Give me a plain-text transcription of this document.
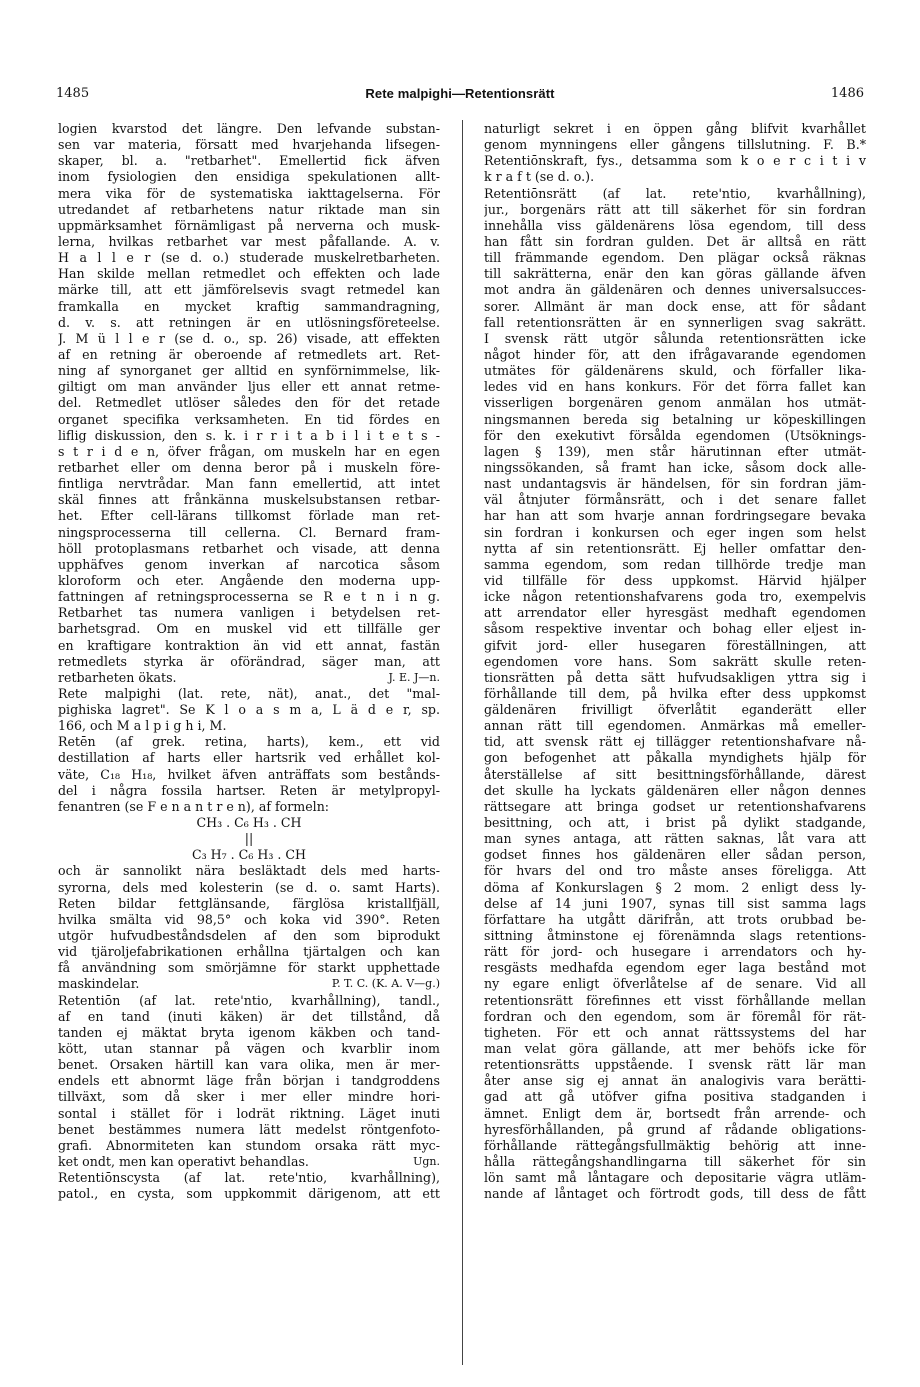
1485	Rete malpighi—Retentionsrätt	1486
logien kvarstod det längre. Den lefvande substan-
sen var materia, försatt med hvarjehanda lifsegen-
skaper, bl. a. "retbarhet". Emellertid fick äfven
inom fysiologien den ensidiga spekulationen allt-
mera vika för de systematiska iakttagelserna. För
utredandet af retbarhetens natur riktade man sin
uppmärksamhet förnämligast på nerverna och musk-
lerna, hvilkas retbarhet var mest påfallande. A. v.
H a l l e r (se d. o.) studerade muskelretbarheten.
Han skilde mellan retmedlet och effekten och lade
märke till, att ett jämförelsevis svagt retmedel kan
framkalla en mycket kraftig sammandragning,
d. v. s. att retningen är en utlösningsföreteelse.
J. M ü l l e r (se d. o., sp. 26) visade, att effekten
af en retning är oberoende af retmedlets art. Ret-
ning af synorganet ger alltid en synförnimmelse, lik-
giltigt om man använder ljus eller ett annat retme-
del. Retmedlet utlöser således den för det retade
organet specifika verksamheten. En tid fördes en
liflig diskussion, den s. k. i r r i t a b i l i t e t s -
s t r i d e n, öfver frågan, om muskeln har en egen
retbarhet eller om denna beror på i muskeln före-
fintliga nervtrådar. Man fann emellertid, att intet
skäl finnes att frånkänna muskelsubstansen retbar-
het. Efter cell-lärans tillkomst förlade man ret-
ningsprocesserna till cellerna. Cl. Bernard fram-
höll protoplasmans retbarhet och visade, att denna
upphäfves genom inverkan af narcotica såsom
kloroform och eter. Angående den moderna upp-
fattningen af retningsprocesserna se R e t n i n g.
Retbarhet tas numera vanligen i betydelsen ret-
barhetsgrad. Om en muskel vid ett tillfälle ger
en kraftigare kontraktion än vid ett annat, fastän
retmedlets styrka är oförändrad, säger man, att
retbarheten ökats.	J. E. J—n.
Rete malpighi (lat. rete, nät), anat., det "mal-
pighiska lagret". Se K l o a s m a, L ä d e r, sp.
166, och M a l p i g h i, M.
Retēn (af grek. retina, harts), kem., ett vid
destillation af harts eller hartsrik ved erhållet kol-
väte, C₁₈ H₁₈, hvilket äfven anträffats som bestånds-
del i några fossila hartser. Reten är metylpropyl-
fenantren (se F e n a n t r e n), af formeln:
CH₃ . C₆ H₃ . CH
||
C₃ H₇ . C₆ H₃ . CH
och är sannolikt nära besläktadt dels med harts-
syrorna, dels med kolesterin (se d. o. samt Harts).
Reten bildar fettglänsande, färglösa kristallfjäll,
hvilka smälta vid 98,5° och koka vid 390°. Reten
utgör hufvudbeståndsdelen af den som biprodukt
vid tjäroljefabrikationen erhållna tjärtalgen och kan
få användning som smörjämne för starkt upphettade
maskindelar.	P. T. C. (K. A. V—g.)
Retentiōn (af lat. rete'ntio, kvarhållning), tandl.,
af en tand (inuti käken) är det tillstånd, då
tanden ej mäktat bryta igenom käkben och tand-
kött, utan stannar på vägen och kvarblir inom
benet. Orsaken härtill kan vara olika, men är mer-
endels ett abnormt läge från början i tandgroddens
tillväxt, som då sker i mer eller mindre hori-
sontal i stället för i lodrät riktning. Läget inuti
benet bestämmes numera lätt medelst röntgenfoto-
grafi. Abnormiteten kan stundom orsaka rätt myc-
ket ondt, men kan operativt behandlas.	Ugn.
Retentiōnscysta (af lat. rete'ntio, kvarhållning),
patol., en cysta, som uppkommit därigenom, att ett
naturligt sekret i en öppen gång blifvit kvarhållet
genom mynningens eller gångens tillslutning. F. B.*
Retentiōnskraft, fys., detsamma som k o e r c i t i v
k r a f t (se d. o.).
Retentiōnsrätt (af lat. rete'ntio, kvarhållning),
jur., borgenärs rätt att till säkerhet för sin fordran
innehålla viss gäldenärens lösa egendom, till dess
han fått sin fordran gulden. Det är alltså en rätt
till främmande egendom. Den plägar också räknas
till sakrätterna, enär den kan göras gällande äfven
mot andra än gäldenären och dennes universalsucces-
sorer. Allmänt är man dock ense, att för sådant
fall retentionsrätten är en synnerligen svag sakrätt.
I svensk rätt utgör sålunda retentionsrätten icke
något hinder för, att den ifrågavarande egendomen
utmätes för gäldenärens skuld, och förfaller lika-
ledes vid en hans konkurs. För det förra fallet kan
visserligen borgenären genom anmälan hos utmät-
ningsmannen bereda sig betalning ur köpeskillingen
för den exekutivt försålda egendomen (Utsöknings-
lagen § 139), men står härutinnan efter utmät-
ningssökanden, så framt han icke, såsom dock alle-
nast undantagsvis är händelsen, för sin fordran jäm-
väl åtnjuter förmånsrätt, och i det senare fallet
har han att som hvarje annan fordringsegare bevaka
sin fordran i konkursen och eger ingen som helst
nytta af sin retentionsrätt. Ej heller omfattar den-
samma egendom, som redan tillhörde tredje man
vid tillfälle för dess uppkomst. Härvid hjälper
icke någon retentionshafvarens goda tro, exempelvis
att arrendator eller hyresgäst medhaft egendomen
såsom respektive inventar och bohag eller eljest in-
gifvit jord- eller husegaren föreställningen, att
egendomen vore hans. Som sakrätt skulle reten-
tionsrätten på detta sätt hufvudsakligen yttra sig i
förhållande till dem, på hvilka efter dess uppkomst
gäldenären frivilligt öfverlåtit eganderätt eller
annan rätt till egendomen. Anmärkas må emeller-
tid, att svensk rätt ej tillägger retentionshafvare nå-
gon befogenhet att påkalla myndighets hjälp för
återställelse af sitt besittningsförhållande, därest
det skulle ha lyckats gäldenären eller någon dennes
rättsegare att bringa godset ur retentionshafvarens
besittning, och att, i brist på dylikt stadgande,
man synes antaga, att rätten saknas, låt vara att
godset finnes hos gäldenären eller sådan person,
för hvars del ond tro måste anses föreligga. Att
döma af Konkurslagen § 2 mom. 2 enligt dess ly-
delse af 14 juni 1907, synas till sist samma lags
författare ha utgått därifrån, att trots orubbad be-
sittning åtminstone ej förenämnda slags retentions-
rätt för jord- och husegare i arrendators och hy-
resgästs medhafda egendom eger laga bestånd mot
ny egare enligt öfverlåtelse af de senare. Vid all
retentionsrätt förefinnes ett visst förhållande mellan
fordran och den egendom, som är föremål för rät-
tigheten. För ett och annat rättssystems del har
man velat göra gällande, att mer behöfs icke för
retentionsrätts uppstående. I svensk rätt lär man
åter anse sig ej annat än analogivis vara berätti-
gad att gå utöfver gifna positiva stadganden i
ämnet. Enligt dem är, bortsedt från arrende- och
hyresförhållanden, på grund af rådande obligations-
förhållande rättegångsfullmäktig behörig att inne-
hålla rättegångshandlingarna till säkerhet för sin
lön samt må låntagare och depositarie vägra utläm-
nande af låntaget och förtrodt gods, till dess de fått
